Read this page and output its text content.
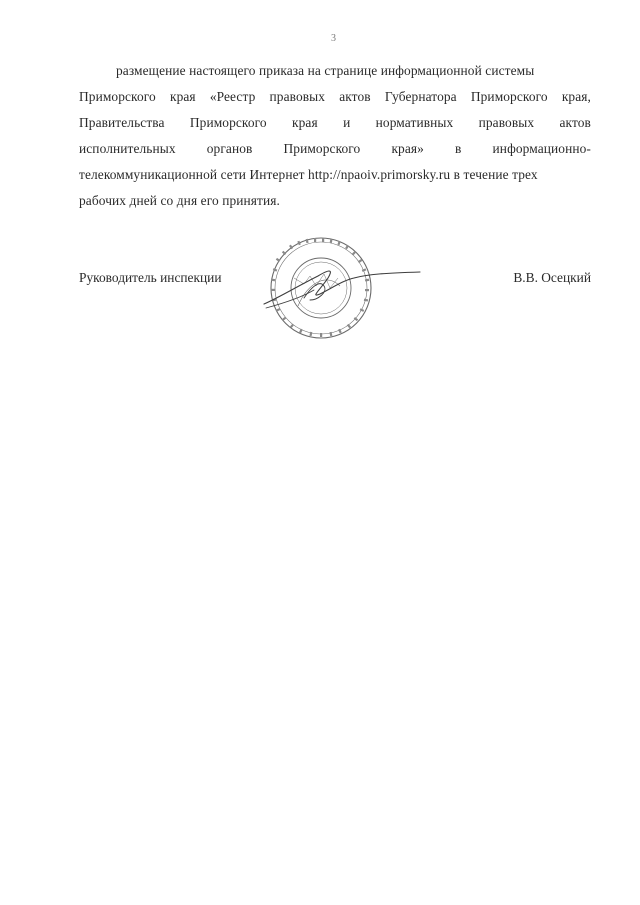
3
размещение настоящего приказа на странице информационной системы
Приморского края «Реестр правовых актов Губернатора Приморского края,
Правительства Приморского края и нормативных правовых актов
исполнительных органов Приморского края» в информационно-
телекоммуникационной сети Интернет http://npaoiv.primorsky.ru в течение трех
рабочих дней со дня его принятия.
Руководитель инспекции	В.В. Осецкий
